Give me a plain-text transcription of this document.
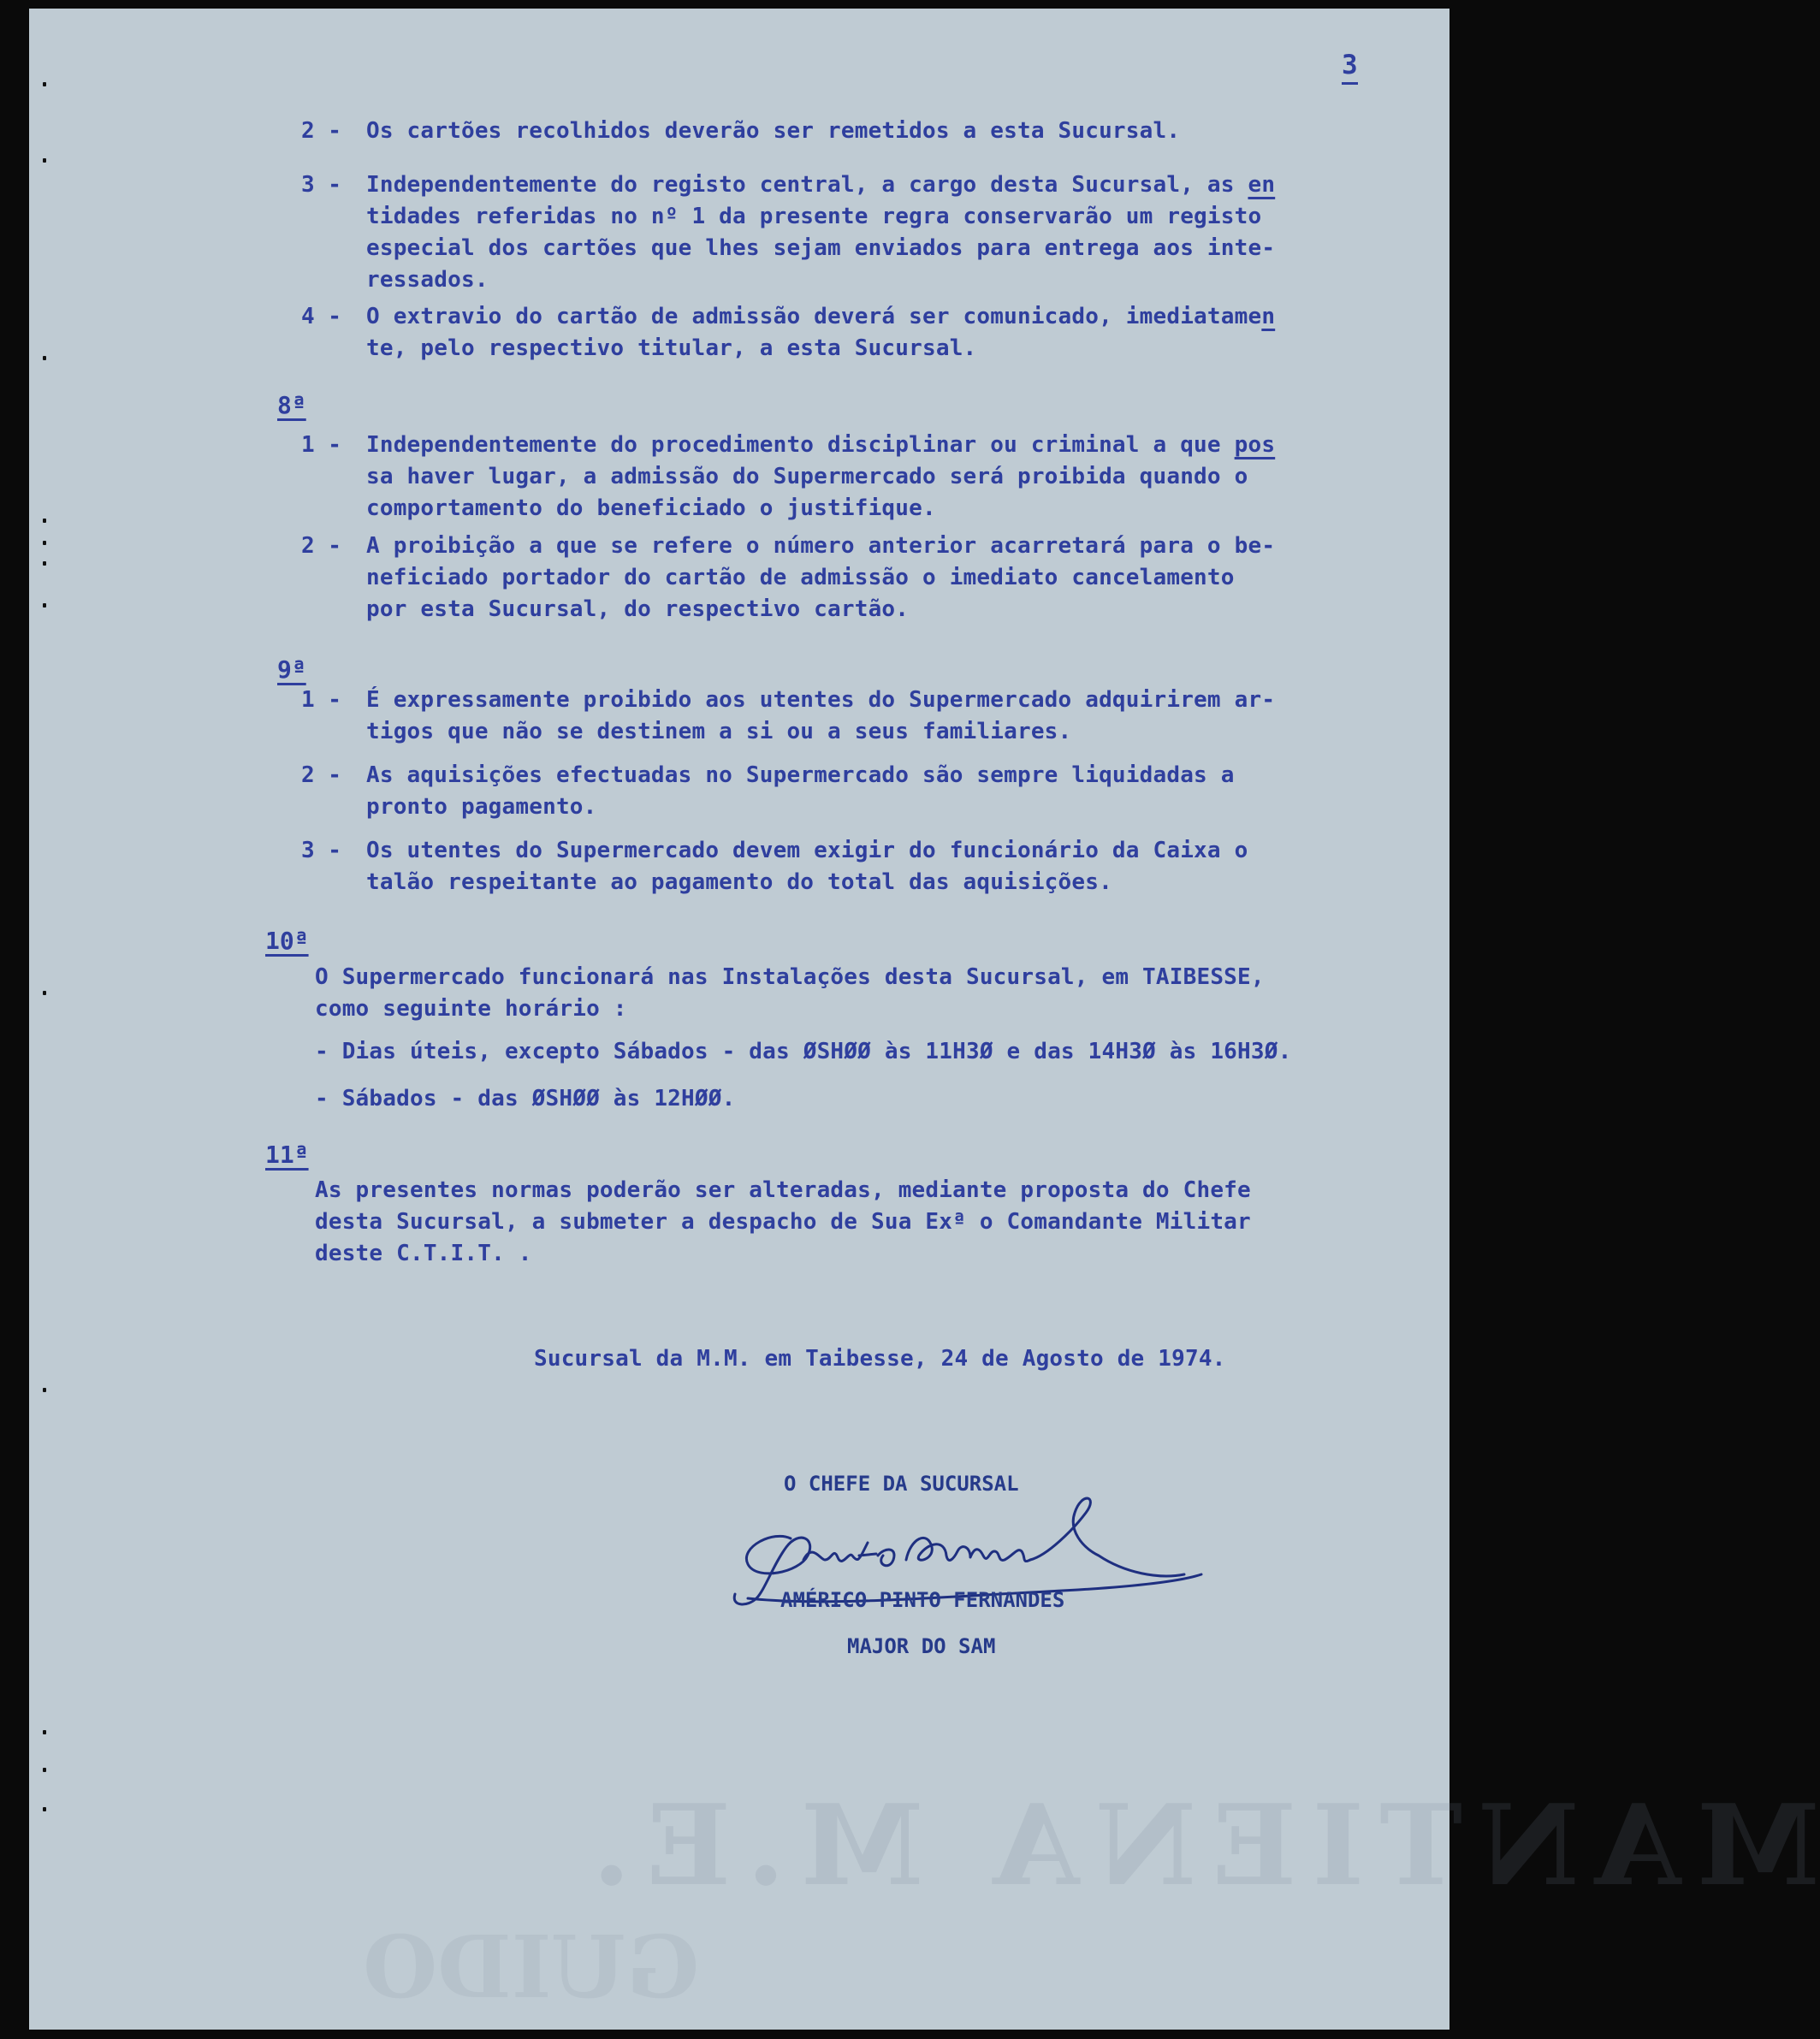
MANTIENA M.E.
GUIDO
3
2 - Os cartões recolhidos deverão ser remetidos a esta Sucursal.
3 - Independentemente do registo central, a cargo desta Sucursal, as en
tidades referidas no nº 1 da presente regra conservarão um registo
especial dos cartões que lhes sejam enviados para entrega aos inte-
ressados.
4 - O extravio do cartão de admissão deverá ser comunicado, imediatamen
te, pelo respectivo titular, a esta Sucursal.
8ª
1 - Independentemente do procedimento disciplinar ou criminal a que pos
sa haver lugar, a admissão do Supermercado será proibida quando o
comportamento do beneficiado o justifique.
2 - A proibição a que se refere o número anterior acarretará para o be-
neficiado portador do cartão de admissão o imediato cancelamento
por esta Sucursal, do respectivo cartão.
9ª
1 - É expressamente proibido aos utentes do Supermercado adquirirem ar-
tigos que não se destinem a si ou a seus familiares.
2 - As aquisições efectuadas no Supermercado são sempre liquidadas a
pronto pagamento.
3 - Os utentes do Supermercado devem exigir do funcionário da Caixa o
talão respeitante ao pagamento do total das aquisições.
10ª
O Supermercado funcionará nas Instalações desta Sucursal, em TAIBESSE,
como seguinte horário :
- Dias úteis, excepto Sábados - das ØSHØØ às 11H3Ø e das 14H3Ø às 16H3Ø.
- Sábados - das ØSHØØ às 12HØØ.
11ª
As presentes normas poderão ser alteradas, mediante proposta do Chefe
desta Sucursal, a submeter a despacho de Sua Exª o Comandante Militar
deste C.T.I.T. .
Sucursal da M.M. em Taibesse, 24 de Agosto de 1974.
O CHEFE DA SUCURSAL
AMÉRICO PINTO FERNANDES
MAJOR DO SAM
